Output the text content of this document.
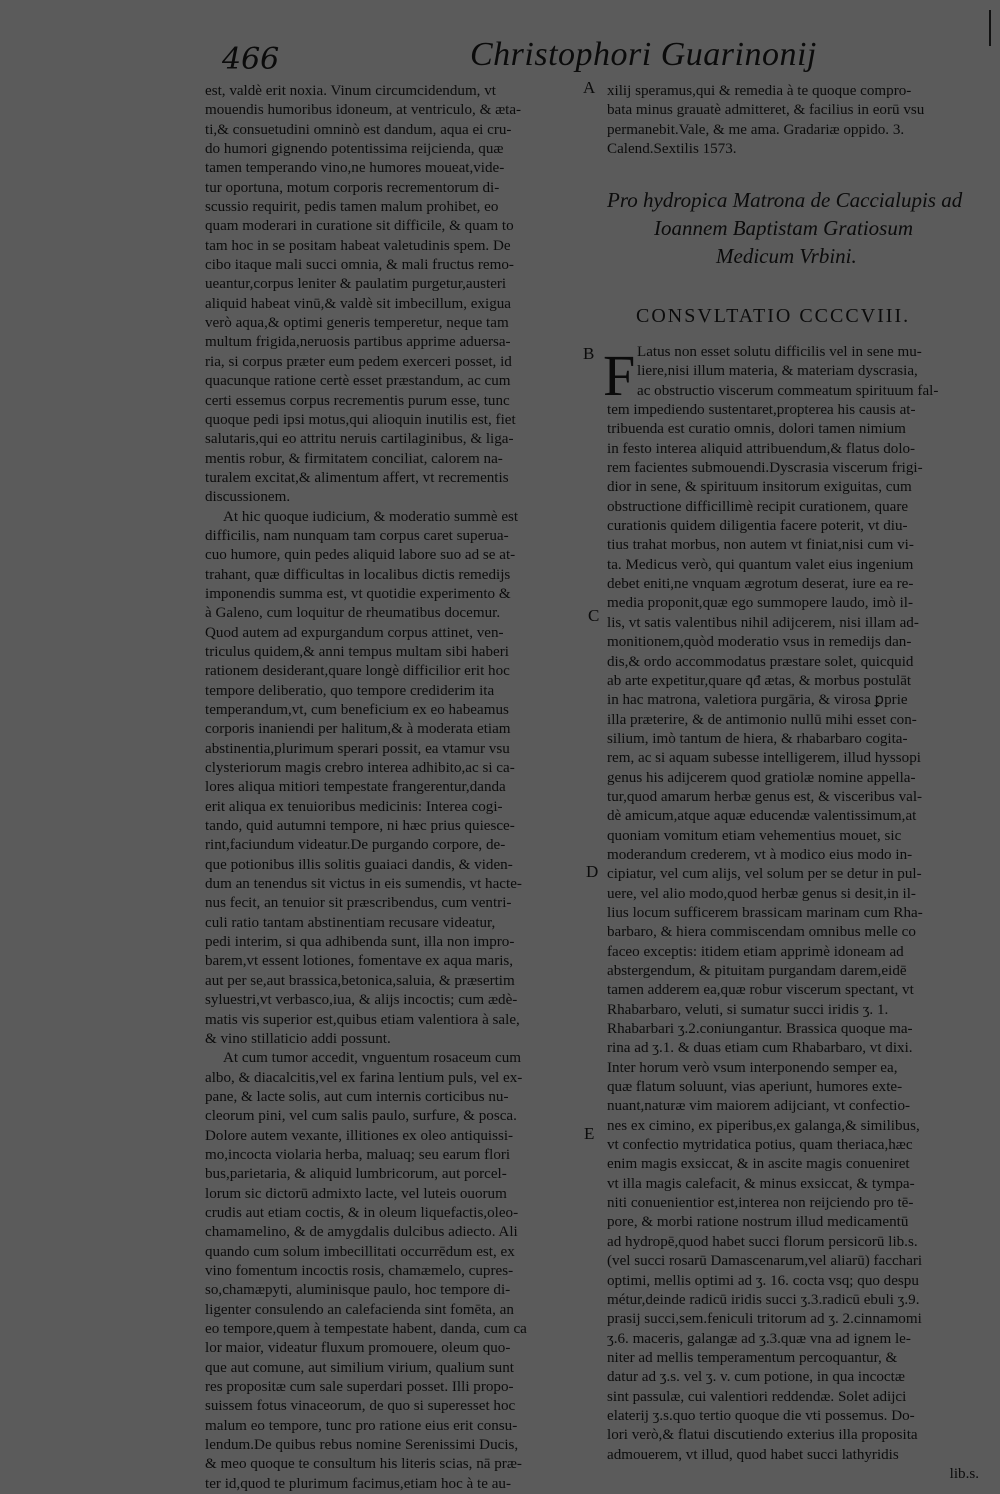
466	Christophori Guarinonij
est, valdè erit noxia. Vinum circumcidendum, vt
mouendis humoribus idoneum, at ventriculo, & æta-
ti,& consuetudini omninò est dandum, aqua ei cru-
do humori gignendo potentissima reijcienda, quæ
tamen temperando vino,ne humores moueat,vide-
tur oportuna, motum corporis recrementorum di-
scussio requirit, pedis tamen malum prohibet, eo
quam moderari in curatione sit difficile, & quam to
tam hoc in se positam habeat valetudinis spem. De
cibo itaque mali succi omnia, & mali fructus remo-
ueantur,corpus leniter & paulatim purgetur,austeri
aliquid habeat vinū,& valdè sit imbecillum, exigua
verò aqua,& optimi generis temperetur, neque tam
multum frigida,neruosis partibus apprime aduersa-
ria, si corpus præter eum pedem exerceri posset, id
quacunque ratione certè esset præstandum, ac cum
certi essemus corpus recrementis purum esse, tunc
quoque pedi ipsi motus,qui alioquin inutilis est, fiet
salutaris,qui eo attritu neruis cartilaginibus, & liga-
mentis robur, & firmitatem conciliat, calorem na-
turalem excitat,& alimentum affert, vt recrementis
discussionem.
At hic quoque iudicium, & moderatio summè est
difficilis, nam nunquam tam corpus caret superua-
cuo humore, quin pedes aliquid labore suo ad se at-
trahant, quæ difficultas in localibus dictis remedijs
imponendis summa est, vt quotidie experimento &
à Galeno, cum loquitur de rheumatibus docemur.
Quod autem ad expurgandum corpus attinet, ven-
triculus quidem,& anni tempus multam sibi haberi
rationem desiderant,quare longè difficilior erit hoc
tempore deliberatio, quo tempore crediderim ita
temperandum,vt, cum beneficium ex eo habeamus
corporis inaniendi per halitum,& à moderata etiam
abstinentia,plurimum sperari possit, ea vtamur vsu
clysteriorum magis crebro interea adhibito,ac si ca-
lores aliqua mitiori tempestate frangerentur,danda
erit aliqua ex tenuioribus medicinis: Interea cogi-
tando, quid autumni tempore, ni hæc prius quiesce-
rint,faciundum videatur.De purgando corpore, de-
que potionibus illis solitis guaiaci dandis, & viden-
dum an tenendus sit victus in eis sumendis, vt hacte-
nus fecit, an tenuior sit præscribendus, cum ventri-
culi ratio tantam abstinentiam recusare videatur,
pedi interim, si qua adhibenda sunt, illa non impro-
barem,vt essent lotiones, fomentave ex aqua maris,
aut per se,aut brassica,betonica,saluia, & præsertim
syluestri,vt verbasco,iua, & alijs incoctis; cum ædè-
matis vis superior est,quibus etiam valentiora à sale,
& vino stillaticio addi possunt.
At cum tumor accedit, vnguentum rosaceum cum
albo, & diacalcitis,vel ex farina lentium puls, vel ex-
pane, & lacte solis, aut cum internis corticibus nu-
cleorum pini, vel cum salis paulo, surfure, & posca.
Dolore autem vexante, illitiones ex oleo antiquissi-
mo,incocta violaria herba, maluaq; seu earum flori
bus,parietaria, & aliquid lumbricorum, aut porcel-
lorum sic dictorū admixto lacte, vel luteis ouorum
crudis aut etiam coctis, & in oleum liquefactis,oleo-
chamamelino, & de amygdalis dulcibus adiecto. Ali
quando cum solum imbecillitati occurrēdum est, ex
vino fomentum incoctis rosis, chamæmelo, cupres-
so,chamæpyti, aluminisque paulo, hoc tempore di-
ligenter consulendo an calefacienda sint fomēta, an
eo tempore,quem à tempestate habent, danda, cum ca
lor maior, videatur fluxum promouere, oleum quo-
que aut comune, aut similium virium, qualium sunt
res propositæ cum sale superdari posset. Illi propo-
suissem fotus vinaceorum, de quo si superesset hoc
malum eo tempore, tunc pro ratione eius erit consu-
lendum.De quibus rebus nomine Serenissimi Ducis,
& meo quoque te consultum his literis scias, nā præ-
ter id,quod te plurimum facimus,etiam hoc à te au-
A
B
C
D
E
xilij speramus,qui & remedia à te quoque compro-
bata minus grauatè admitteret, & facilius in eorū vsu
permanebit.Vale, & me ama. Gradariæ oppido. 3.
Calend.Sextilis 1573.
Pro hydropica Matrona de Caccialupis ad
Ioannem Baptistam Gratiosum
Medicum Vrbini.
CONSVLTATIO CCCCVIII.
F Latus non esset solutu difficilis vel in sene mu-
liere,nisi illum materia, & materiam dyscrasia,
ac obstructio viscerum commeatum spirituum fal-
tem impediendo sustentaret,propterea his causis at-
tribuenda est curatio omnis, dolori tamen nimium
in festo interea aliquid attribuendum,& flatus dolo-
rem facientes submouendi.Dyscrasia viscerum frigi-
dior in sene, & spirituum insitorum exiguitas, cum
obstructione difficillimè recipit curationem, quare
curationis quidem diligentia facere poterit, vt diu-
tius trahat morbus, non autem vt finiat,nisi cum vi-
ta. Medicus verò, qui quantum valet eius ingenium
debet eniti,ne vnquam ægrotum deserat, iure ea re-
media proponit,quæ ego summopere laudo, imò il-
lis, vt satis valentibus nihil adijcerem, nisi illam ad-
monitionem,quòd moderatio vsus in remedijs dan-
dis,& ordo accommodatus præstare solet, quicquid
ab arte expetitur,quare qđ ætas, & morbus postulāt
in hac matrona, valetiora purgāria, & virosa ꝑprie
illa præterire, & de antimonio nullū mihi esset con-
silium, imò tantum de hiera, & rhabarbaro cogita-
rem, ac si aquam subesse intelligerem, illud hyssopi
genus his adijcerem quod gratiolæ nomine appella-
tur,quod amarum herbæ genus est, & visceribus val-
dè amicum,atque aquæ educendæ valentissimum,at
quoniam vomitum etiam vehementius mouet, sic
moderandum crederem, vt à modico eius modo in-
cipiatur, vel cum alijs, vel solum per se detur in pul-
uere, vel alio modo,quod herbæ genus si desit,in il-
lius locum sufficerem brassicam marinam cum Rha-
barbaro, & hiera commiscendam omnibus melle co
faceo exceptis: itidem etiam apprimè idoneam ad
abstergendum, & pituitam purgandam darem,eidē
tamen adderem ea,quæ robur viscerum spectant, vt
Rhabarbaro, veluti, si sumatur succi iridis ʒ. 1.
Rhabarbari ʒ.2.coniungantur. Brassica quoque ma-
rina ad ʒ.1. & duas etiam cum Rhabarbaro, vt dixi.
Inter horum verò vsum interponendo semper ea,
quæ flatum soluunt, vias aperiunt, humores exte-
nuant,naturæ vim maiorem adijciant, vt confectio-
nes ex cimino, ex piperibus,ex galanga,& similibus,
vt confectio mytridatica potius, quam theriaca,hæc
enim magis exsiccat, & in ascite magis conueniret
vt illa magis calefacit, & minus exsiccat, & tympa-
niti conuenientior est,interea non reijciendo pro tē-
pore, & morbi ratione nostrum illud medicamentū
ad hydropē,quod habet succi florum persicorū lib.s.
(vel succi rosarū Damascenarum,vel aliarū) facchari
optimi, mellis optimi ad ʒ. 16. cocta vsq; quo despu
métur,deinde radicū iridis succi ʒ.3.radicū ebuli ʒ.9.
prasij succi,sem.feniculi tritorum ad ʒ. 2.cinnamomi
ʒ.6. maceris, galangæ ad ʒ.3.quæ vna ad ignem le-
niter ad mellis temperamentum percoquantur, &
datur ad ʒ.s. vel ʒ. v. cum potione, in qua incoctæ
sint passulæ, cui valentiori reddendæ. Solet adijci
elaterij ʒ.s.quo tertio quoque die vti possemus. Do-
lori verò,& flatui discutiendo exterius illa proposita
admouerem, vt illud, quod habet succi lathyridis
lib.s.
